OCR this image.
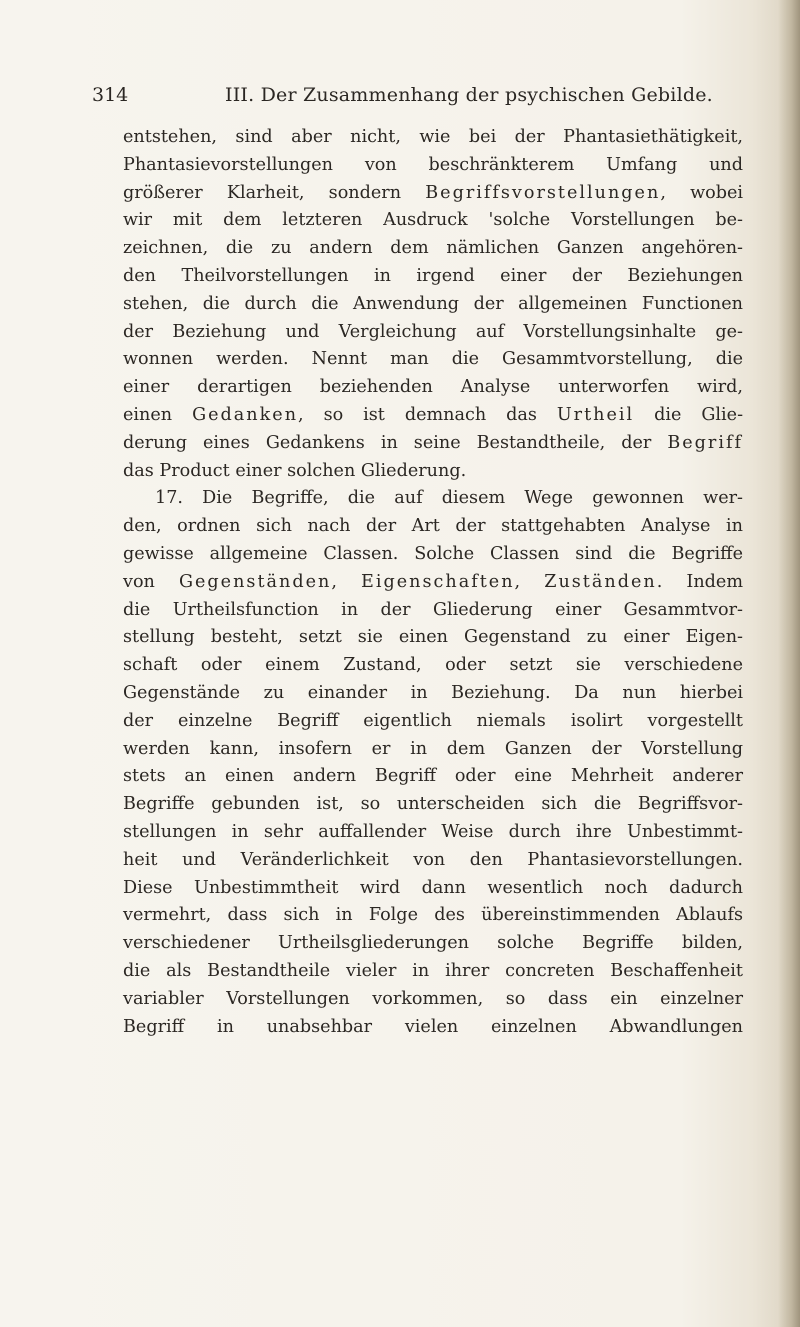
314	III. Der Zusammenhang der psychischen Gebilde.
entstehen, sind aber nicht, wie bei der Phantasiethätigkeit,
Phantasievorstellungen von beschränkterem Umfang und
größerer Klarheit, sondern Begriffsvorstellungen, wobei
wir mit dem letzteren Ausdruck 'solche Vorstellungen be-
zeichnen, die zu andern dem nämlichen Ganzen angehören-
den Theilvorstellungen in irgend einer der Beziehungen
stehen, die durch die Anwendung der allgemeinen Functionen
der Beziehung und Vergleichung auf Vorstellungsinhalte ge-
wonnen werden. Nennt man die Gesammtvorstellung, die
einer derartigen beziehenden Analyse unterworfen wird,
einen Gedanken, so ist demnach das Urtheil die Glie-
derung eines Gedankens in seine Bestandtheile, der Begriff
das Product einer solchen Gliederung.
17. Die Begriffe, die auf diesem Wege gewonnen wer-
den, ordnen sich nach der Art der stattgehabten Analyse in
gewisse allgemeine Classen. Solche Classen sind die Begriffe
von Gegenständen, Eigenschaften, Zuständen. Indem
die Urtheilsfunction in der Gliederung einer Gesammtvor-
stellung besteht, setzt sie einen Gegenstand zu einer Eigen-
schaft oder einem Zustand, oder setzt sie verschiedene
Gegenstände zu einander in Beziehung. Da nun hierbei
der einzelne Begriff eigentlich niemals isolirt vorgestellt
werden kann, insofern er in dem Ganzen der Vorstellung
stets an einen andern Begriff oder eine Mehrheit anderer
Begriffe gebunden ist, so unterscheiden sich die Begriffsvor-
stellungen in sehr auffallender Weise durch ihre Unbestimmt-
heit und Veränderlichkeit von den Phantasievorstellungen.
Diese Unbestimmtheit wird dann wesentlich noch dadurch
vermehrt, dass sich in Folge des übereinstimmenden Ablaufs
verschiedener Urtheilsgliederungen solche Begriffe bilden,
die als Bestandtheile vieler in ihrer concreten Beschaffenheit
variabler Vorstellungen vorkommen, so dass ein einzelner
Begriff in unabsehbar vielen einzelnen Abwandlungen
